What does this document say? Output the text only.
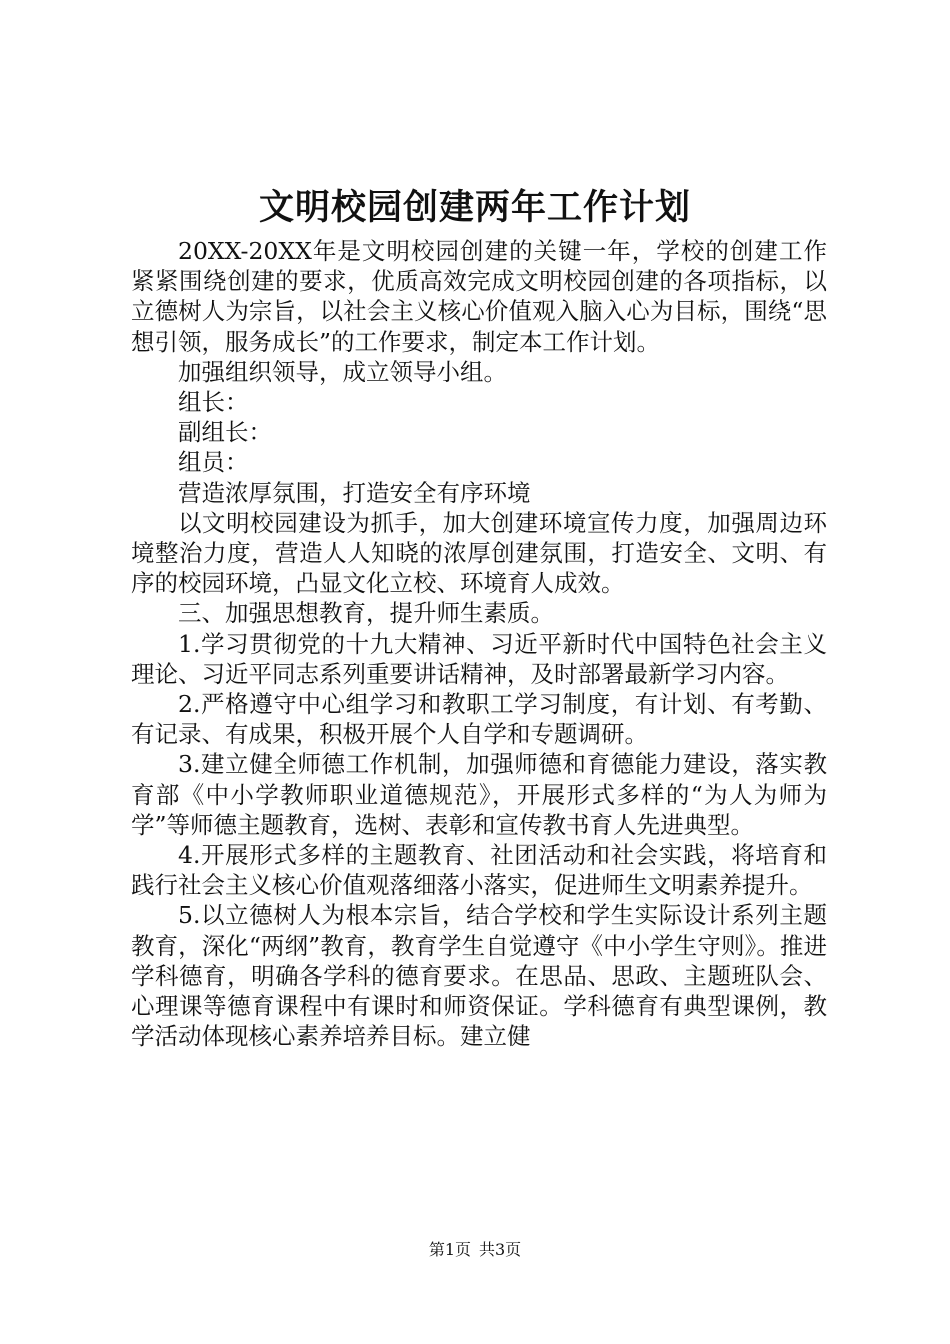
文明校园创建两年工作计划

20XX-20XX年是文明校园创建的关键一年，学校的创建工作紧紧围绕创建的要求，优质高效完成文明校园创建的各项指标，以立德树人为宗旨，以社会主义核心价值观入脑入心为目标，围绕“思想引领，服务成长”的工作要求，制定本工作计划。

加强组织领导，成立领导小组。

组长：

副组长：

组员：

营造浓厚氛围，打造安全有序环境

以文明校园建设为抓手，加大创建环境宣传力度，加强周边环境整治力度，营造人人知晓的浓厚创建氛围，打造安全、文明、有序的校园环境，凸显文化立校、环境育人成效。

三、加强思想教育，提升师生素质。

1.学习贯彻党的十九大精神、习近平新时代中国特色社会主义理论、习近平同志系列重要讲话精神，及时部署最新学习内容。

2.严格遵守中心组学习和教职工学习制度，有计划、有考勤、有记录、有成果，积极开展个人自学和专题调研。

3.建立健全师德工作机制，加强师德和育德能力建设，落实教育部《中小学教师职业道德规范》，开展形式多样的“为人为师为学”等师德主题教育，选树、表彰和宣传教书育人先进典型。

4.开展形式多样的主题教育、社团活动和社会实践，将培育和践行社会主义核心价值观落细落小落实，促进师生文明素养提升。

5.以立德树人为根本宗旨，结合学校和学生实际设计系列主题教育，深化“两纲”教育，教育学生自觉遵守《中小学生守则》。推进学科德育，明确各学科的德育要求。在思品、思政、主题班队会、心理课等德育课程中有课时和师资保证。学科德育有典型课例，教学活动体现核心素养培养目标。建立健

第1页 共3页
